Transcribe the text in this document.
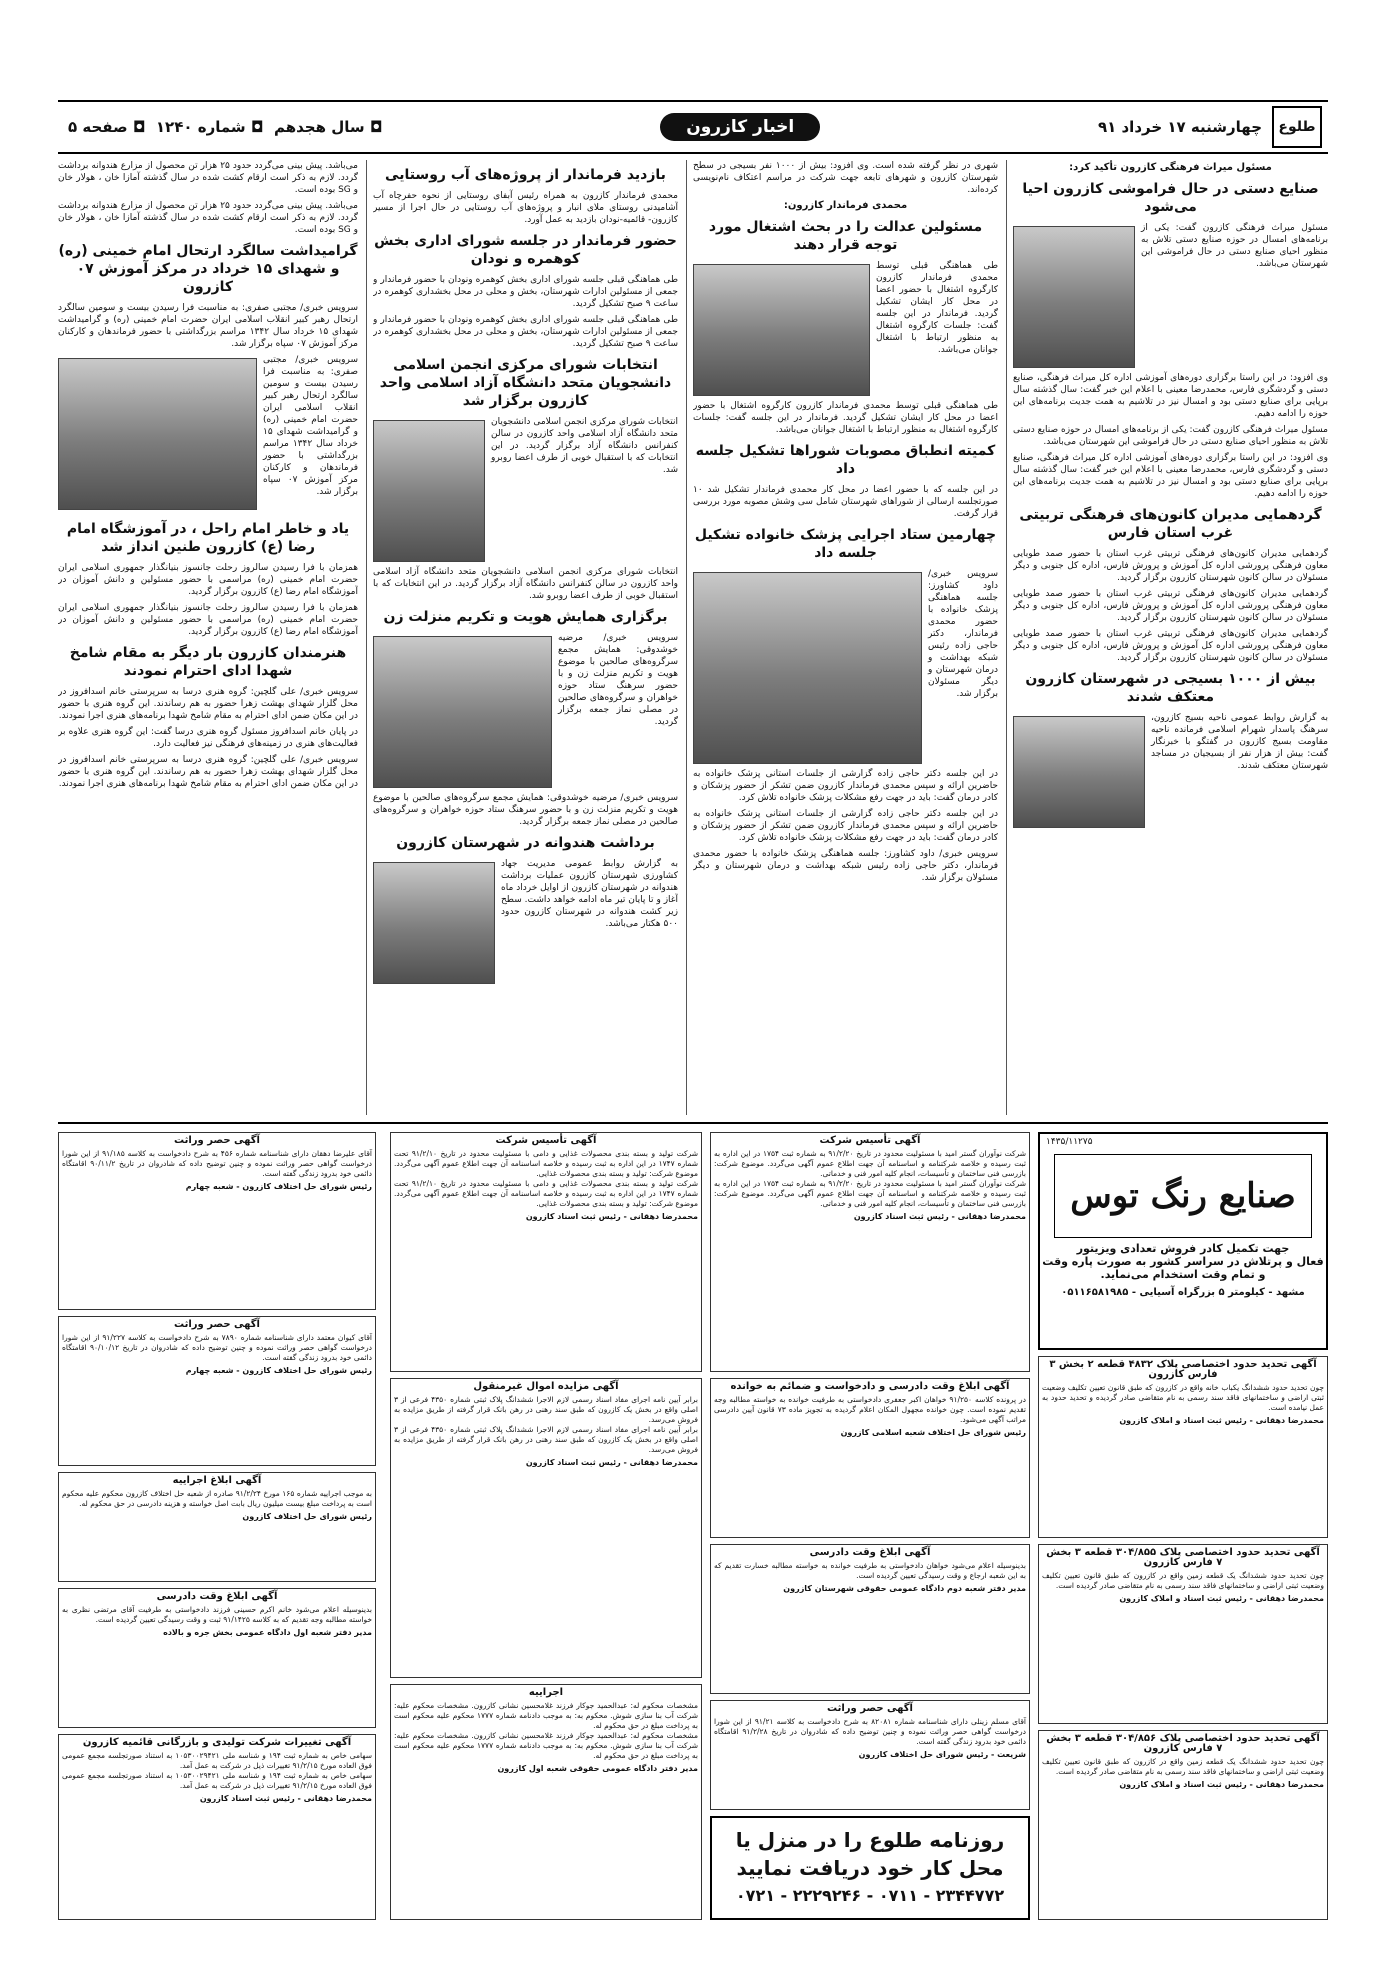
طلوع
چهارشنبه ۱۷ خرداد ۹۱
اخبار کازرون
◘ سال هجدهم  ◘ شماره ۱۲۴۰  ◘ صفحه ۵
مسئول میراث فرهنگی کازرون تأکید کرد:
صنایع دستی در حال فراموشی کازرون احیا می‌شود

مسئول میراث فرهنگی کازرون گفت: یکی از برنامه‌های امسال در حوزه صنایع دستی تلاش به منظور احیای صنایع دستی در حال فراموشی این شهرستان می‌باشد.

وی افزود: در این راستا برگزاری دوره‌های آموزشی اداره کل میراث فرهنگی، صنایع دستی و گردشگری فارس، محمدرضا معینی با اعلام این خبر گفت: سال گذشته سال برپایی برای صنایع دستی بود و امسال نیز در تلاشیم به همت جدیت برنامه‌های این حوزه را ادامه دهیم.

مسئول میراث فرهنگی کازرون گفت: یکی از برنامه‌های امسال در حوزه صنایع دستی تلاش به منظور احیای صنایع دستی در حال فراموشی این شهرستان می‌باشد.

وی افزود: در این راستا برگزاری دوره‌های آموزشی اداره کل میراث فرهنگی، صنایع دستی و گردشگری فارس، محمدرضا معینی با اعلام این خبر گفت: سال گذشته سال برپایی برای صنایع دستی بود و امسال نیز در تلاشیم به همت جدیت برنامه‌های این حوزه را ادامه دهیم.

گردهمایی مدیران کانون‌های فرهنگی تربیتی غرب استان فارس

گردهمایی مدیران کانون‌های فرهنگی تربیتی غرب استان با حضور صمد طوبایی معاون فرهنگی پرورشی اداره کل آموزش و پرورش فارس، اداره کل جنوبی و دیگر مسئولان در سالن کانون شهرستان کازرون برگزار گردید.

گردهمایی مدیران کانون‌های فرهنگی تربیتی غرب استان با حضور صمد طوبایی معاون فرهنگی پرورشی اداره کل آموزش و پرورش فارس، اداره کل جنوبی و دیگر مسئولان در سالن کانون شهرستان کازرون برگزار گردید.

گردهمایی مدیران کانون‌های فرهنگی تربیتی غرب استان با حضور صمد طوبایی معاون فرهنگی پرورشی اداره کل آموزش و پرورش فارس، اداره کل جنوبی و دیگر مسئولان در سالن کانون شهرستان کازرون برگزار گردید.

بیش از ۱۰۰۰ بسیجی در شهرستان کازرون معتکف شدند

به گزارش روابط عمومی ناحیه بسیج کازرون، سرهنگ پاسدار شهرام اسلامی فرمانده ناحیه مقاومت بسیج کازرون در گفتگو با خبرنگار گفت: بیش از هزار نفر از بسیجیان در مساجد شهرستان معتکف شدند.

شهری در نظر گرفته شده است. وی افزود: بیش از ۱۰۰۰ نفر بسیجی در سطح شهرستان کازرون و شهرهای تابعه جهت شرکت در مراسم اعتکاف نام‌نویسی کرده‌اند.

محمدی فرماندار کازرون:
مسئولین عدالت را در بحث اشتغال مورد توجه قرار دهند

طی هماهنگی قبلی توسط محمدی فرماندار کازرون کارگروه اشتغال با حضور اعضا در محل کار ایشان تشکیل گردید. فرماندار در این جلسه گفت: جلسات کارگروه اشتغال به منظور ارتباط با اشتغال جوانان می‌باشد.

طی هماهنگی قبلی توسط محمدی فرماندار کازرون کارگروه اشتغال با حضور اعضا در محل کار ایشان تشکیل گردید. فرماندار در این جلسه گفت: جلسات کارگروه اشتغال به منظور ارتباط با اشتغال جوانان می‌باشد.

کمیته انطباق مصوبات شوراها تشکیل جلسه داد

در این جلسه که با حضور اعضا در محل کار محمدی فرماندار تشکیل شد ۱۰ صورتجلسه ارسالی از شوراهای شهرستان شامل سی وشش مصوبه مورد بررسی قرار گرفت.

چهارمین ستاد اجرایی پزشک خانواده تشکیل جلسه داد

سرویس خبری/ داود کشاورز: جلسه هماهنگی پزشک خانواده با حضور محمدی فرماندار، دکتر حاجی زاده رئیس شبکه بهداشت و درمان شهرستان و دیگر مسئولان برگزار شد.

در این جلسه دکتر حاجی زاده گزارشی از جلسات استانی پزشک خانواده به حاضرین ارائه و سپس محمدی فرماندار کازرون ضمن تشکر از حضور پزشکان و کادر درمان گفت: باید در جهت رفع مشکلات پزشک خانواده تلاش کرد.

در این جلسه دکتر حاجی زاده گزارشی از جلسات استانی پزشک خانواده به حاضرین ارائه و سپس محمدی فرماندار کازرون ضمن تشکر از حضور پزشکان و کادر درمان گفت: باید در جهت رفع مشکلات پزشک خانواده تلاش کرد.

سرویس خبری/ داود کشاورز: جلسه هماهنگی پزشک خانواده با حضور محمدی فرماندار، دکتر حاجی زاده رئیس شبکه بهداشت و درمان شهرستان و دیگر مسئولان برگزار شد.

بازدید فرماندار از پروژه‌های آب روستایی

محمدی فرماندار کازرون به همراه رئیس آبفای روستایی از نحوه حفرچاه آب آشامیدنی روستای ملای انبار و پروژه‌های آب روستایی در حال اجرا از مسیر کازرون- قائمیه-نودان بازدید به عمل آورد.

حضور فرماندار در جلسه شورای اداری بخش کوهمره و نودان

طی هماهنگی قبلی جلسه شورای اداری بخش کوهمره ونودان با حضور فرماندار و جمعی از مسئولین ادارات شهرستان، بخش و محلی در محل بخشداری کوهمره در ساعت ۹ صبح تشکیل گردید.

طی هماهنگی قبلی جلسه شورای اداری بخش کوهمره ونودان با حضور فرماندار و جمعی از مسئولین ادارات شهرستان، بخش و محلی در محل بخشداری کوهمره در ساعت ۹ صبح تشکیل گردید.

انتخابات شورای مرکزی انجمن اسلامی دانشجویان متحد دانشگاه آزاد اسلامی واحد کازرون برگزار شد

انتخابات شورای مرکزی انجمن اسلامی دانشجویان متحد دانشگاه آزاد اسلامی واحد کازرون در سالن کنفرانس دانشگاه آزاد برگزار گردید. در این انتخابات که با استقبال خوبی از طرف اعضا روبرو شد.

انتخابات شورای مرکزی انجمن اسلامی دانشجویان متحد دانشگاه آزاد اسلامی واحد کازرون در سالن کنفرانس دانشگاه آزاد برگزار گردید. در این انتخابات که با استقبال خوبی از طرف اعضا روبرو شد.

برگزاری همایش هویت و تکریم منزلت زن

سرویس خبری/ مرضیه خوشدوقی: همایش مجمع سرگروه‌های صالحین با موضوع هویت و تکریم منزلت زن و با حضور سرهنگ ستاد حوزه خواهران و سرگروه‌های صالحین در مصلی نماز جمعه برگزار گردید.

سرویس خبری/ مرضیه خوشدوقی: همایش مجمع سرگروه‌های صالحین با موضوع هویت و تکریم منزلت زن و با حضور سرهنگ ستاد حوزه خواهران و سرگروه‌های صالحین در مصلی نماز جمعه برگزار گردید.

برداشت هندوانه در شهرستان کازرون

به گزارش روابط عمومی مدیریت جهاد کشاورزی شهرستان کازرون عملیات برداشت هندوانه در شهرستان کازرون از اوایل خرداد ماه آغاز و تا پایان تیر ماه ادامه خواهد داشت. سطح زیر کشت هندوانه در شهرستان کازرون حدود ۵۰۰ هکتار می‌باشد.

می‌باشد. پیش بینی می‌گردد حدود ۲۵ هزار تن محصول از مزارع هندوانه برداشت گردد. لازم به ذکر است ارقام کشت شده در سال گذشته آمازا خان ، هولار خان و SG بوده است.

می‌باشد. پیش بینی می‌گردد حدود ۲۵ هزار تن محصول از مزارع هندوانه برداشت گردد. لازم به ذکر است ارقام کشت شده در سال گذشته آمازا خان ، هولار خان و SG بوده است.

گرامیداشت سالگرد ارتحال امام خمینی (ره) و شهدای ۱۵ خرداد در مرکز آموزش ۰۷ کازرون

سرویس خبری/ مجتبی صفری: به مناسبت فرا رسیدن بیست و سومین سالگرد ارتحال رهبر کبیر انقلاب اسلامی ایران حضرت امام خمینی (ره) و گرامیداشت شهدای ۱۵ خرداد سال ۱۳۴۲ مراسم بزرگداشتی با حضور فرماندهان و کارکنان مرکز آموزش ۰۷ سپاه برگزار شد.

سرویس خبری/ مجتبی صفری: به مناسبت فرا رسیدن بیست و سومین سالگرد ارتحال رهبر کبیر انقلاب اسلامی ایران حضرت امام خمینی (ره) و گرامیداشت شهدای ۱۵ خرداد سال ۱۳۴۲ مراسم بزرگداشتی با حضور فرماندهان و کارکنان مرکز آموزش ۰۷ سپاه برگزار شد.

یاد و خاطر امام راحل ، در آموزشگاه امام رضا (ع) کازرون طنین انداز شد

همزمان با فرا رسیدن سالروز رحلت جانسوز بنیانگذار جمهوری اسلامی ایران حضرت امام خمینی (ره) مراسمی با حضور مسئولین و دانش آموزان در آموزشگاه امام رضا (ع) کازرون برگزار گردید.

همزمان با فرا رسیدن سالروز رحلت جانسوز بنیانگذار جمهوری اسلامی ایران حضرت امام خمینی (ره) مراسمی با حضور مسئولین و دانش آموزان در آموزشگاه امام رضا (ع) کازرون برگزار گردید.

هنرمندان کازرون بار دیگر به مقام شامخ شهدا ادای احترام نمودند

سرویس خبری/ علی گلچین: گروه هنری درسا به سرپرستی خانم اسدافروز در محل گلزار شهدای بهشت زهرا حضور به هم رساندند. این گروه هنری با حضور در این مکان ضمن ادای احترام به مقام شامخ شهدا برنامه‌های هنری اجرا نمودند.

در پایان خانم اسدافروز مسئول گروه هنری درسا گفت: این گروه هنری علاوه بر فعالیت‌های هنری در زمینه‌های فرهنگی نیز فعالیت دارد.

سرویس خبری/ علی گلچین: گروه هنری درسا به سرپرستی خانم اسدافروز در محل گلزار شهدای بهشت زهرا حضور به هم رساندند. این گروه هنری با حضور در این مکان ضمن ادای احترام به مقام شامخ شهدا برنامه‌های هنری اجرا نمودند.

۱۴۳۵/۱۱۲۷۵
صنایع رنگ توس
جهت تکمیل کادر فروش تعدادی ویزیتور
فعال و پرتلاش در سراسر کشور به صورت پاره وقت
و تمام وقت استخدام می‌نماید.
مشهد - کیلومتر ۵ بزرگراه آسیایی - ۰۵۱۱۶۵۸۱۹۸۵
آگهی تحدید حدود اختصاصی پلاک ۴۸۳۲ قطعه ۲ بخش ۳ فارس کازرون
چون تحدید حدود ششدانگ یکباب خانه واقع در کازرون که طبق قانون تعیین تکلیف وضعیت ثبتی اراضی و ساختمانهای فاقد سند رسمی به نام متقاضی صادر گردیده و تحدید حدود به عمل نیامده است.
محمدرضا دهقانی - رئیس ثبت اسناد و املاک کازرون
آگهی تحدید حدود اختصاصی پلاک ۳۰۴/۸۵۵ قطعه ۳ بخش ۷ فارس کازرون
چون تحدید حدود ششدانگ یک قطعه زمین واقع در کازرون که طبق قانون تعیین تکلیف وضعیت ثبتی اراضی و ساختمانهای فاقد سند رسمی به نام متقاضی صادر گردیده است.
محمدرضا دهقانی - رئیس ثبت اسناد و املاک کازرون
آگهی تحدید حدود اختصاصی پلاک ۳۰۴/۸۵۶ قطعه ۳ بخش ۷ فارس کازرون
چون تحدید حدود ششدانگ یک قطعه زمین واقع در کازرون که طبق قانون تعیین تکلیف وضعیت ثبتی اراضی و ساختمانهای فاقد سند رسمی به نام متقاضی صادر گردیده است.
محمدرضا دهقانی - رئیس ثبت اسناد و املاک کازرون
آگهی تأسیس شرکت
شرکت نوآوران گستر امید با مسئولیت محدود در تاریخ ۹۱/۲/۲۰ به شماره ثبت ۱۷۵۴ در این اداره به ثبت رسیده و خلاصه شرکتنامه و اساسنامه آن جهت اطلاع عموم آگهی می‌گردد. موضوع شرکت: بازرسی فنی ساختمان و تأسیسات، انجام کلیه امور فنی و خدماتی.
شرکت نوآوران گستر امید با مسئولیت محدود در تاریخ ۹۱/۲/۲۰ به شماره ثبت ۱۷۵۴ در این اداره به ثبت رسیده و خلاصه شرکتنامه و اساسنامه آن جهت اطلاع عموم آگهی می‌گردد. موضوع شرکت: بازرسی فنی ساختمان و تأسیسات، انجام کلیه امور فنی و خدماتی.
محمدرضا دهقانی - رئیس ثبت اسناد کازرون
آگهی ابلاغ وقت دادرسی و دادخواست و ضمائم به خوانده
در پرونده کلاسه ۹۱/۲۵۰ خواهان اکبر جعفری دادخواستی به طرفیت خوانده به خواسته مطالبه وجه تقدیم نموده است. چون خوانده مجهول المکان اعلام گردیده به تجویز ماده ۷۳ قانون آیین دادرسی مراتب آگهی می‌شود.
رئیس شورای حل اختلاف شعبه اسلامی کازرون
آگهی ابلاغ وقت دادرسی
بدینوسیله اعلام می‌شود خواهان دادخواستی به طرفیت خوانده به خواسته مطالبه خسارت تقدیم که به این شعبه ارجاع و وقت رسیدگی تعیین گردیده است.
مدیر دفتر شعبه دوم دادگاه عمومی حقوقی شهرستان کازرون
آگهی حصر وراثت
آقای مسلم زینلی دارای شناسنامه شماره ۸۲۰۸۱ به شرح دادخواست به کلاسه ۹۱/۲۱ از این شورا درخواست گواهی حصر وراثت نموده و چنین توضیح داده که شادروان در تاریخ ۹۱/۲/۲۸ اقامتگاه دائمی خود بدرود زندگی گفته است.
شریعت - رئیس شورای حل اختلاف کازرون
روزنامه طلوع را در منزل یا
محل کار خود دریافت نمایید
۲۳۴۴۷۷۲ - ۰۷۱۱ - ۲۲۲۹۲۴۶ - ۰۷۲۱
آگهی تأسیس شرکت
شرکت تولید و بسته بندی محصولات غذایی و دامی با مسئولیت محدود در تاریخ ۹۱/۲/۱۰ تحت شماره ۱۷۴۷ در این اداره به ثبت رسیده و خلاصه اساسنامه آن جهت اطلاع عموم آگهی می‌گردد. موضوع شرکت: تولید و بسته بندی محصولات غذایی.
شرکت تولید و بسته بندی محصولات غذایی و دامی با مسئولیت محدود در تاریخ ۹۱/۲/۱۰ تحت شماره ۱۷۴۷ در این اداره به ثبت رسیده و خلاصه اساسنامه آن جهت اطلاع عموم آگهی می‌گردد. موضوع شرکت: تولید و بسته بندی محصولات غذایی.
محمدرضا دهقانی - رئیس ثبت اسناد کازرون
آگهی مزایده اموال غیرمنقول
برابر آیین نامه اجرای مفاد اسناد رسمی لازم الاجرا ششدانگ پلاک ثبتی شماره ۴۳۵۰ فرعی از ۳ اصلی واقع در بخش یک کازرون که طبق سند رهنی در رهن بانک قرار گرفته از طریق مزایده به فروش می‌رسد.
برابر آیین نامه اجرای مفاد اسناد رسمی لازم الاجرا ششدانگ پلاک ثبتی شماره ۴۳۵۰ فرعی از ۳ اصلی واقع در بخش یک کازرون که طبق سند رهنی در رهن بانک قرار گرفته از طریق مزایده به فروش می‌رسد.
محمدرضا دهقانی - رئیس ثبت اسناد کازرون
اجراییه
مشخصات محکوم له: عبدالحمید جوکار فرزند غلامحسین نشانی کازرون. مشخصات محکوم علیه: شرکت آب بنا سازی شوش. محکوم به: به موجب دادنامه شماره ۱۷۷۷ محکوم علیه محکوم است به پرداخت مبلغ در حق محکوم له.
مشخصات محکوم له: عبدالحمید جوکار فرزند غلامحسین نشانی کازرون. مشخصات محکوم علیه: شرکت آب بنا سازی شوش. محکوم به: به موجب دادنامه شماره ۱۷۷۷ محکوم علیه محکوم است به پرداخت مبلغ در حق محکوم له.
مدیر دفتر دادگاه عمومی حقوقی شعبه اول کازرون
آگهی حصر وراثت
آقای علیرضا دهقان دارای شناسنامه شماره ۴۵۶ به شرح دادخواست به کلاسه ۹۱/۱۸۵ از این شورا درخواست گواهی حصر وراثت نموده و چنین توضیح داده که شادروان در تاریخ ۹۰/۱۱/۲ اقامتگاه دائمی خود بدرود زندگی گفته است.
رئیس شورای حل اختلاف کازرون - شعبه چهارم
آگهی حصر وراثت
آقای کیوان معتمد دارای شناسنامه شماره ۷۸۹۰ به شرح دادخواست به کلاسه ۹۱/۲۲۷ از این شورا درخواست گواهی حصر وراثت نموده و چنین توضیح داده که شادروان در تاریخ ۹۰/۱۰/۱۲ اقامتگاه دائمی خود بدرود زندگی گفته است.
رئیس شورای حل اختلاف کازرون - شعبه چهارم
آگهی ابلاغ اجراییه
به موجب اجراییه شماره ۱۶۵ مورخ ۹۱/۲/۲۴ صادره از شعبه حل اختلاف کازرون محکوم علیه محکوم است به پرداخت مبلغ بیست میلیون ریال بابت اصل خواسته و هزینه دادرسی در حق محکوم له.
رئیس شورای حل اختلاف کازرون
آگهی ابلاغ وقت دادرسی
بدینوسیله اعلام می‌شود خانم اکرم حسینی فرزند دادخواستی به طرفیت آقای مرتضی نظری به خواسته مطالبه وجه تقدیم که به کلاسه ۹۱/۱۴۲۵ ثبت و وقت رسیدگی تعیین گردیده است.
مدیر دفتر شعبه اول دادگاه عمومی بخش جره و بالاده
آگهی تغییرات شرکت تولیدی و بازرگانی قائمیه کازرون
سهامی خاص به شماره ثبت ۱۹۴ و شناسه ملی ۱۰۵۳۰۰۲۹۴۲۱ به استناد صورتجلسه مجمع عمومی فوق العاده مورخ ۹۱/۲/۱۵ تغییرات ذیل در شرکت به عمل آمد.
سهامی خاص به شماره ثبت ۱۹۴ و شناسه ملی ۱۰۵۳۰۰۲۹۴۲۱ به استناد صورتجلسه مجمع عمومی فوق العاده مورخ ۹۱/۲/۱۵ تغییرات ذیل در شرکت به عمل آمد.
محمدرضا دهقانی - رئیس ثبت اسناد کازرون
